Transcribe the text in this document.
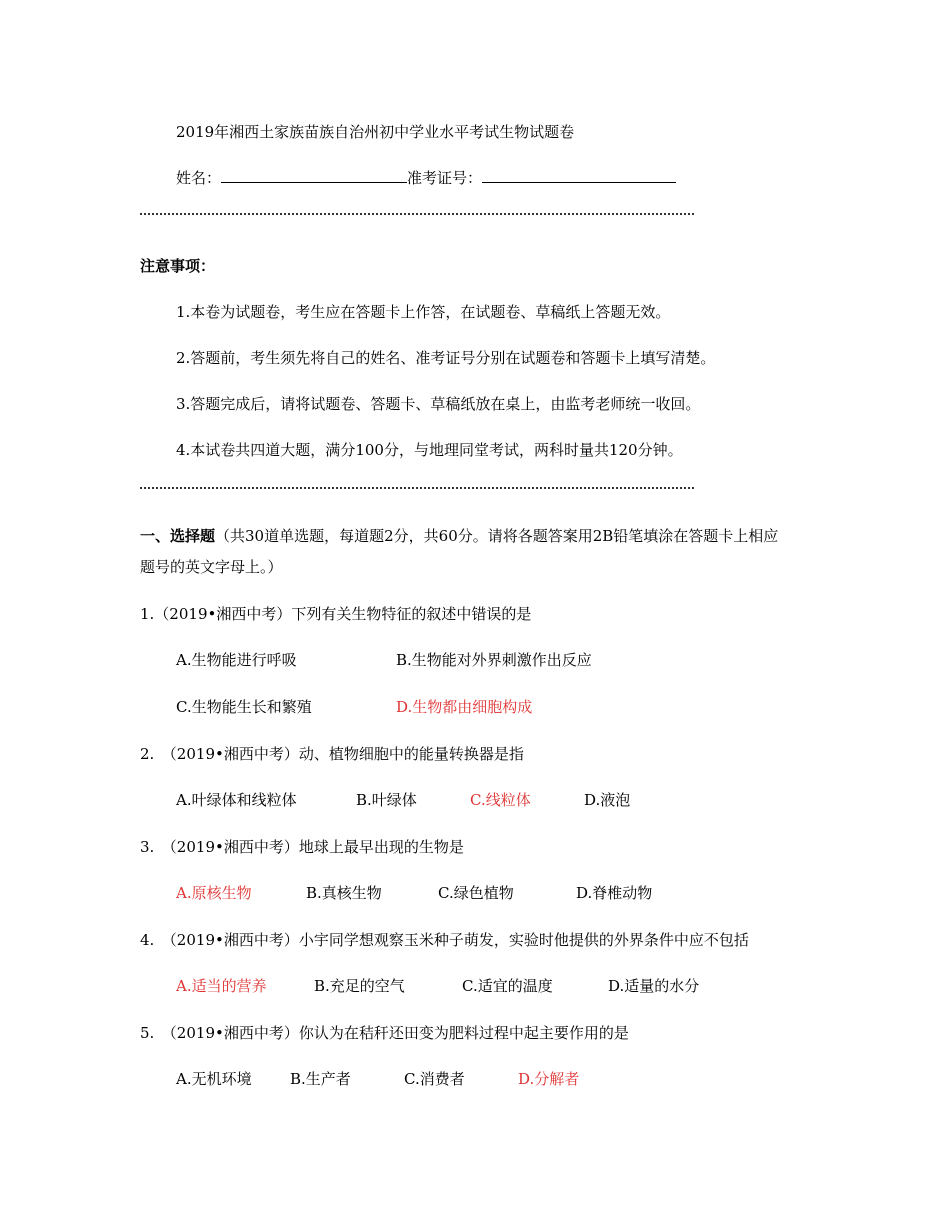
2019年湘西土家族苗族自治州初中学业水平考试生物试题卷
姓名：	准考证号：
注意事项：
1.本卷为试题卷，考生应在答题卡上作答，在试题卷、草稿纸上答题无效。
2.答题前，考生须先将自己的姓名、准考证号分别在试题卷和答题卡上填写清楚。
3.答题完成后，请将试题卷、答题卡、草稿纸放在桌上，由监考老师统一收回。
4.本试卷共四道大题，满分100分，与地理同堂考试，两科时量共120分钟。
一、选择题（共30道单选题，每道题2分，共60分。请将各题答案用2B铅笔填涂在答题卡上相应
题号的英文字母上。）
1.（2019•湘西中考）下列有关生物特征的叙述中错误的是
A.生物能进行呼吸	B.生物能对外界刺激作出反应
C.生物能生长和繁殖	D.生物都由细胞构成
2.　（2019•湘西中考）动、植物细胞中的能量转换器是指
A.叶绿体和线粒体	B.叶绿体	C.线粒体	D.液泡
3.　（2019•湘西中考）地球上最早出现的生物是
A.原核生物	B.真核生物	C.绿色植物	D.脊椎动物
4.　（2019•湘西中考）小宇同学想观察玉米种子萌发，实验时他提供的外界条件中应不包括
A.适当的营养	B.充足的空气	C.适宜的温度	D.适量的水分
5.　（2019•湘西中考）你认为在秸秆还田变为肥料过程中起主要作用的是
A.无机环境	B.生产者	C.消费者	D.分解者
